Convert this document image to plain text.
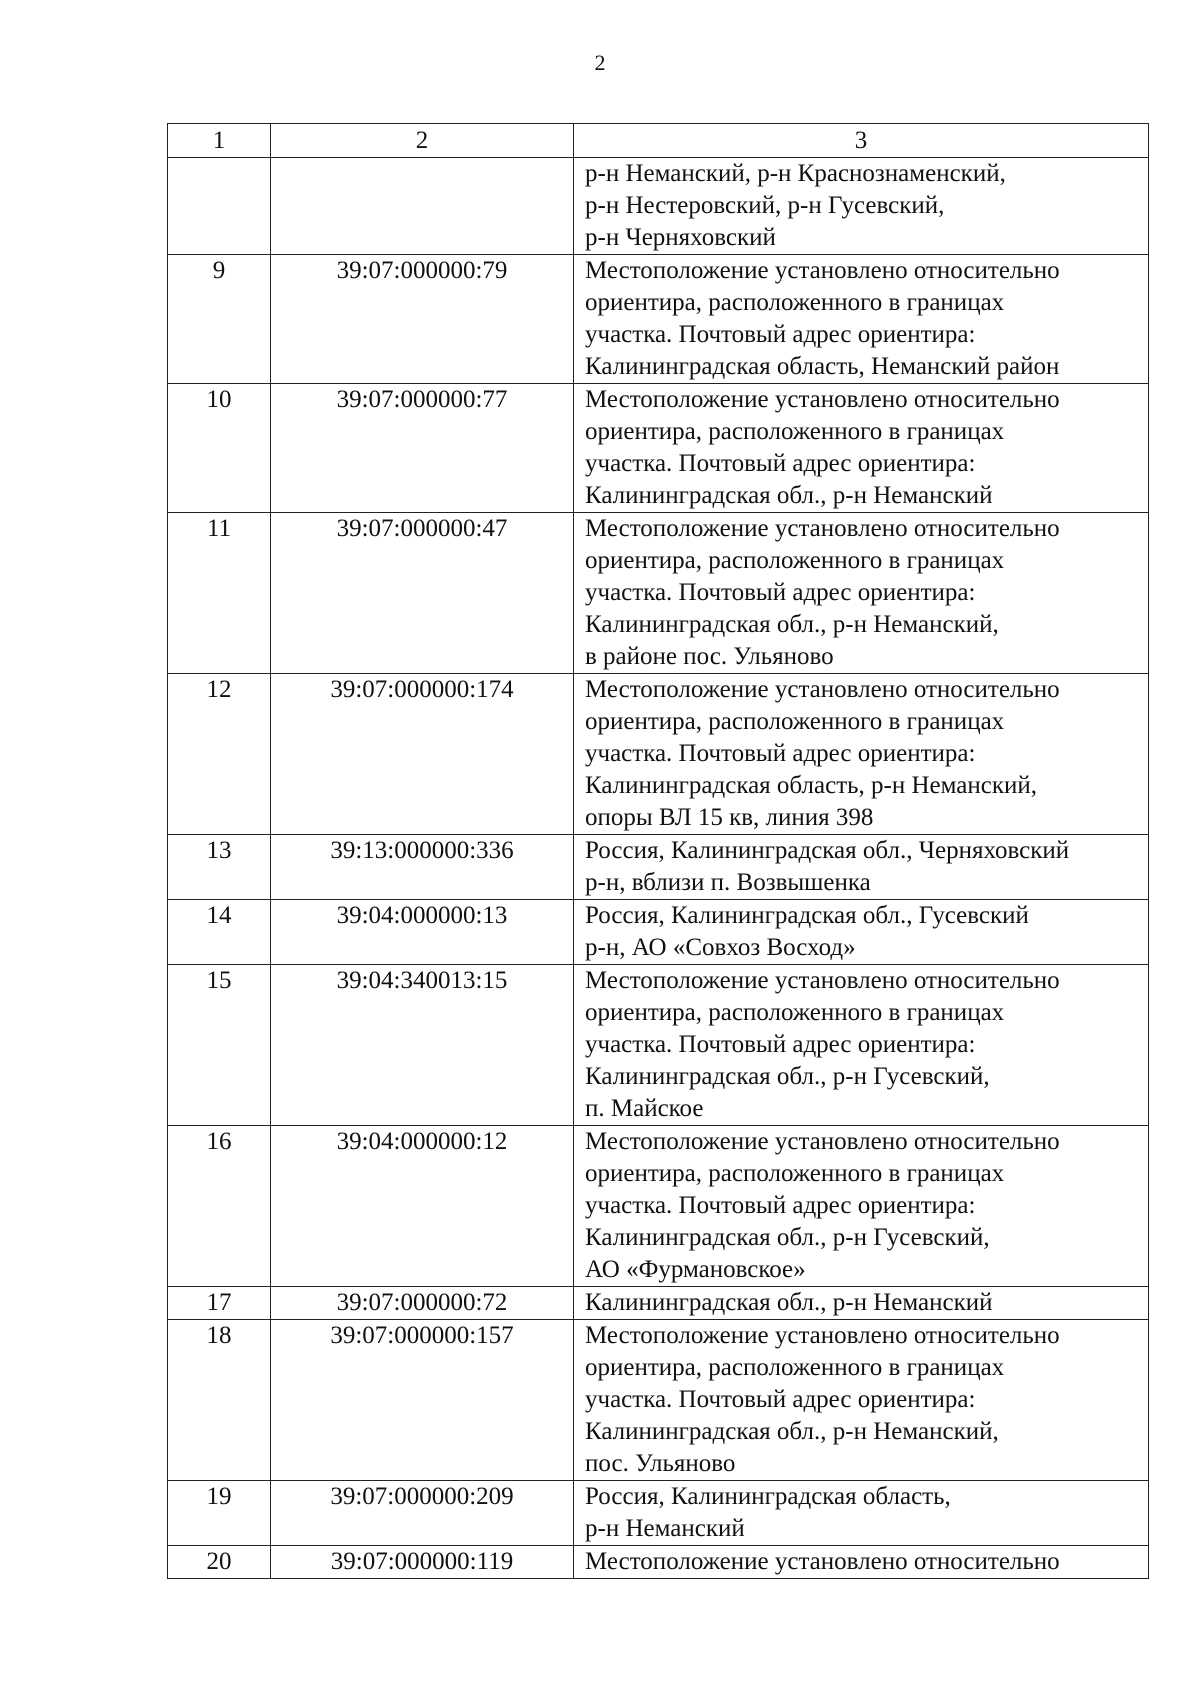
2
1	2	3
		р-н Неманский, р-н Краснознаменский,
р-н Нестеровский, р-н Гусевский,
р-н Черняховский
9	39:07:000000:79	Местоположение установлено относительно
ориентира, расположенного в границах
участка. Почтовый адрес ориентира:
Калининградская область, Неманский район
10	39:07:000000:77	Местоположение установлено относительно
ориентира, расположенного в границах
участка. Почтовый адрес ориентира:
Калининградская обл., р-н Неманский
11	39:07:000000:47	Местоположение установлено относительно
ориентира, расположенного в границах
участка. Почтовый адрес ориентира:
Калининградская обл., р-н Неманский,
в районе пос. Ульяново
12	39:07:000000:174	Местоположение установлено относительно
ориентира, расположенного в границах
участка. Почтовый адрес ориентира:
Калининградская область, р-н Неманский,
опоры ВЛ 15 кв, линия 398
13	39:13:000000:336	Россия, Калининградская обл., Черняховский
р-н, вблизи п. Возвышенка
14	39:04:000000:13	Россия, Калининградская обл., Гусевский
р-н, АО «Совхоз Восход»
15	39:04:340013:15	Местоположение установлено относительно
ориентира, расположенного в границах
участка. Почтовый адрес ориентира:
Калининградская обл., р-н Гусевский,
п. Майское
16	39:04:000000:12	Местоположение установлено относительно
ориентира, расположенного в границах
участка. Почтовый адрес ориентира:
Калининградская обл., р-н Гусевский,
АО «Фурмановское»
17	39:07:000000:72	Калининградская обл., р-н Неманский
18	39:07:000000:157	Местоположение установлено относительно
ориентира, расположенного в границах
участка. Почтовый адрес ориентира:
Калининградская обл., р-н Неманский,
пос. Ульяново
19	39:07:000000:209	Россия, Калининградская область,
р-н Неманский
20	39:07:000000:119	Местоположение установлено относительно
